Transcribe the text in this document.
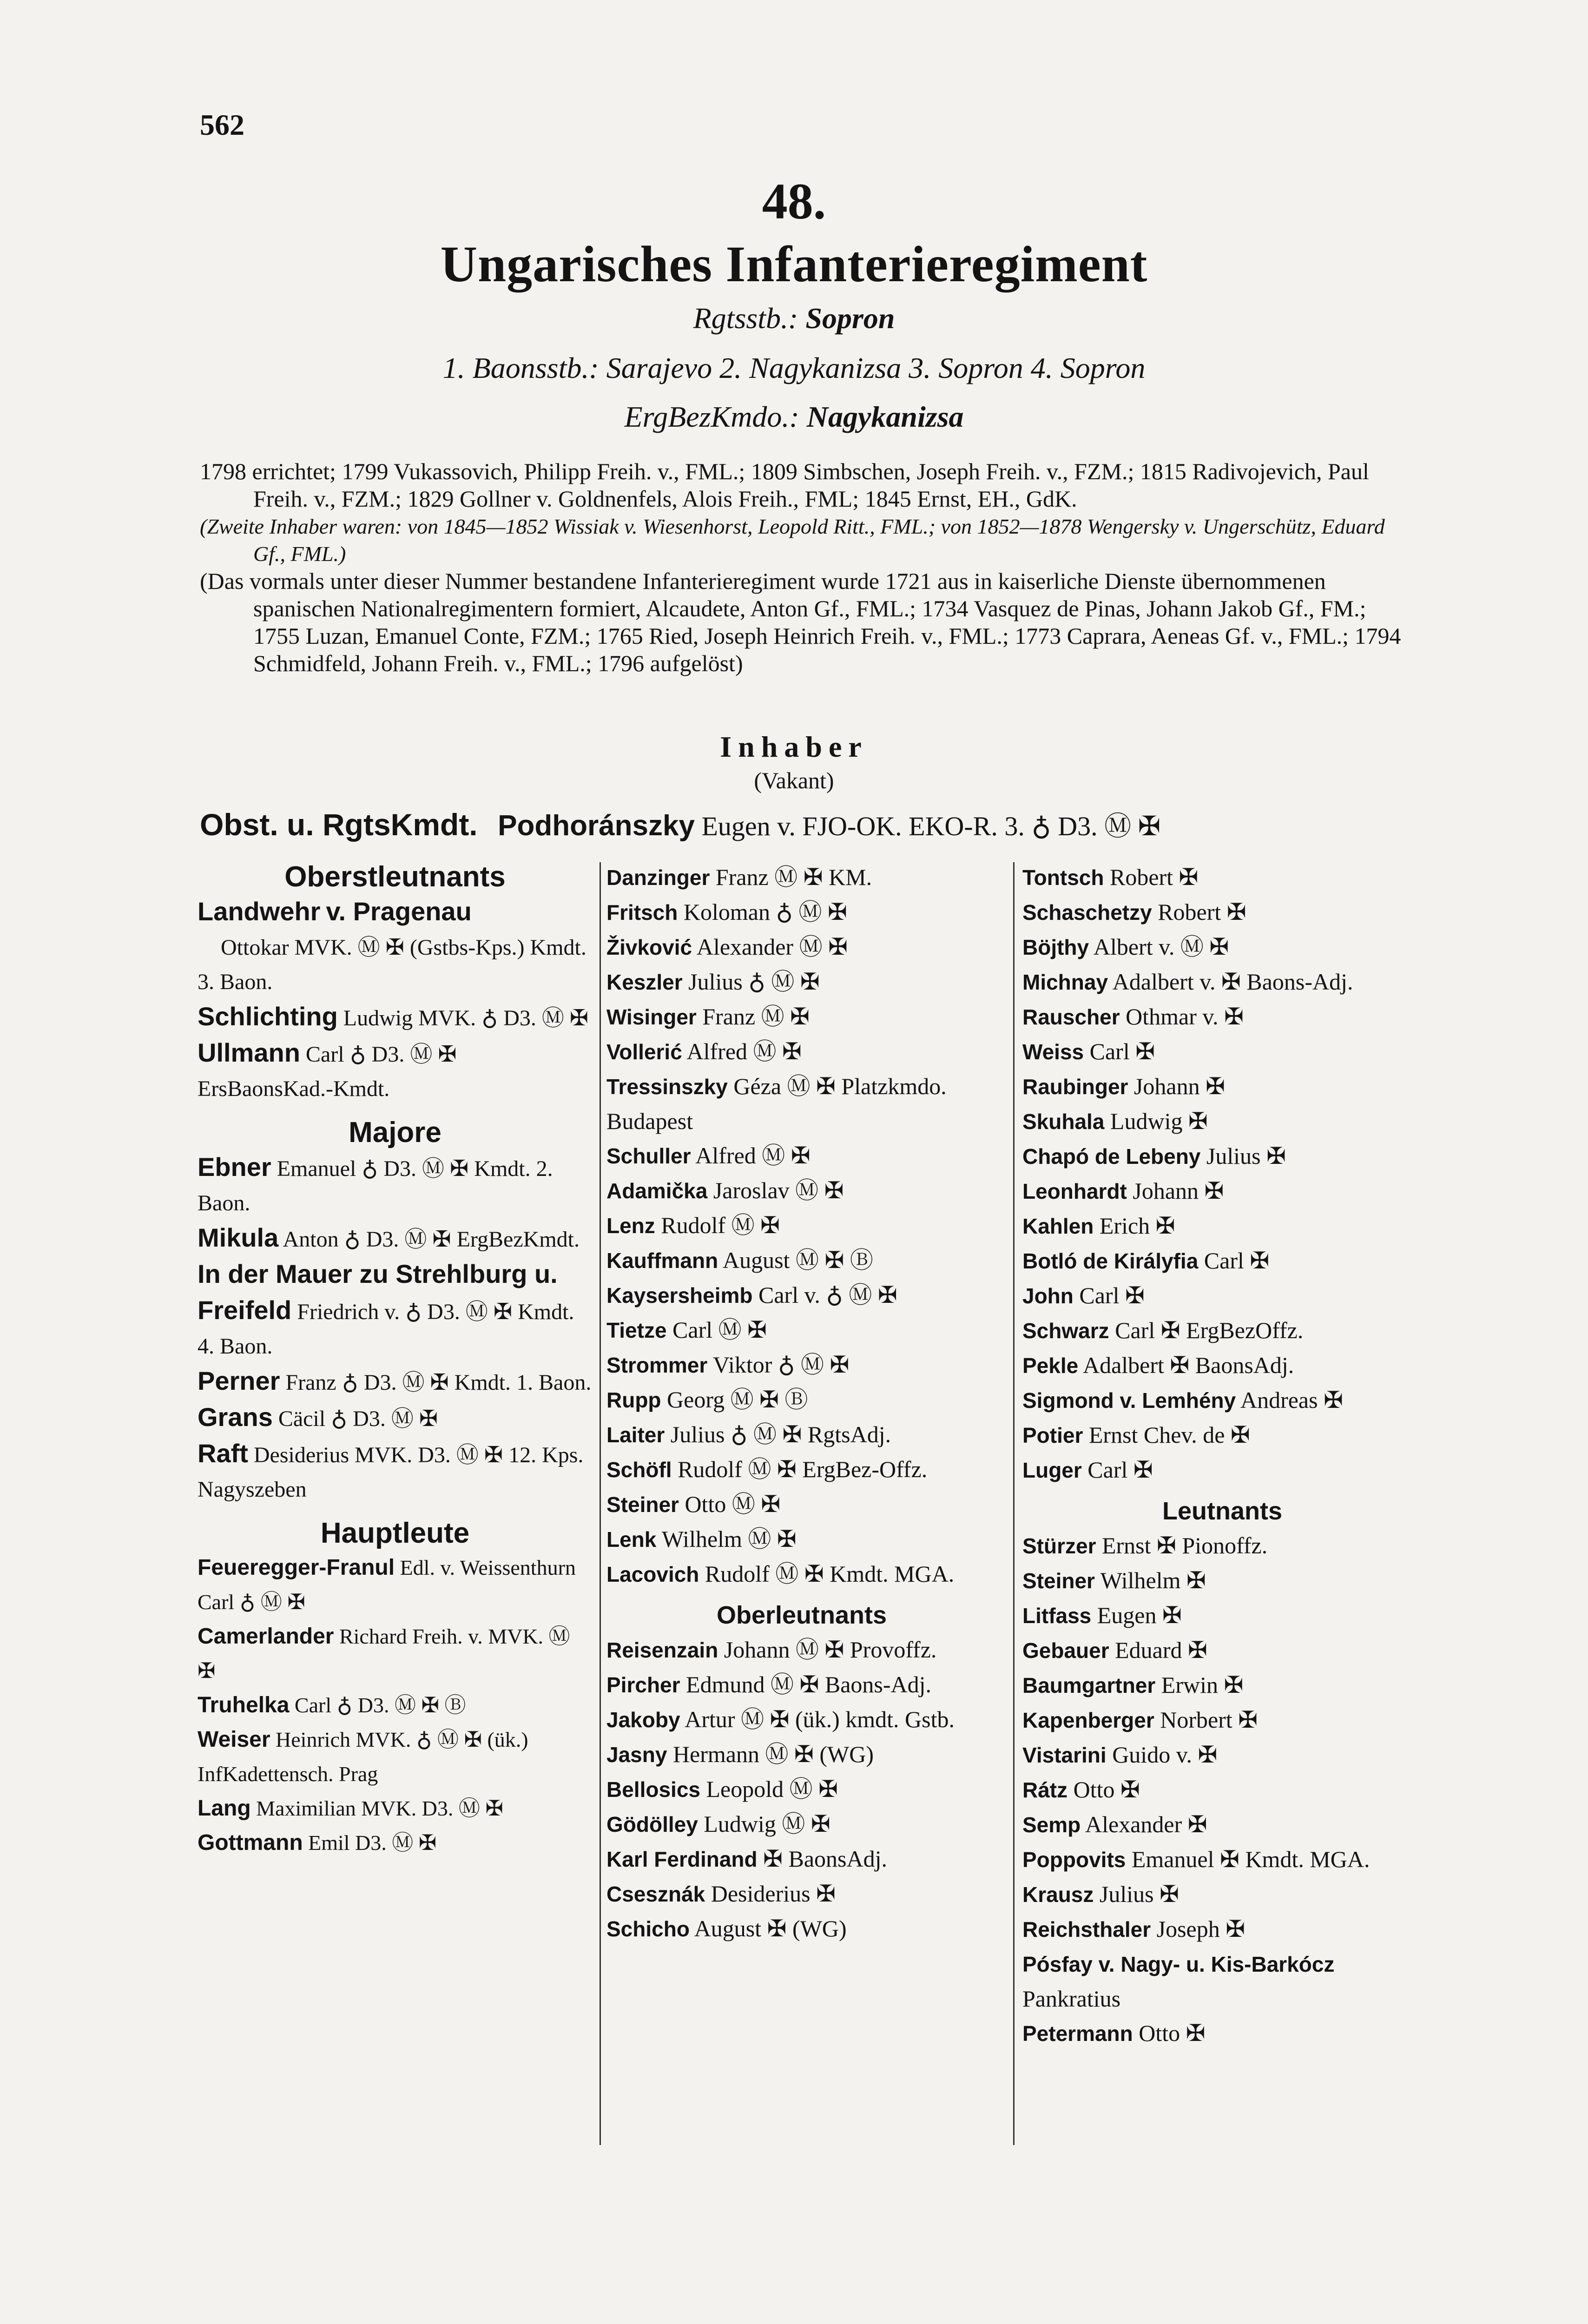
562
48.
Ungarisches Infanterieregiment
Rgtsstb.: Sopron
1. Baonsstb.: Sarajevo 2. Nagykanizsa 3. Sopron 4. Sopron
ErgBezKmdo.: Nagykanizsa

1798 errichtet; 1799 Vukassovich, Philipp Freih. v., FML.; 1809 Simbschen, Joseph Freih. v., FZM.; 1815 Radivojevich, Paul Freih. v., FZM.; 1829 Gollner v. Goldnenfels, Alois Freih., FML; 1845 Ernst, EH., GdK.

(Zweite Inhaber waren: von 1845—1852 Wissiak v. Wiesenhorst, Leopold Ritt., FML.; von 1852—1878 Wengersky v. Ungerschütz, Eduard Gf., FML.)

(Das vormals unter dieser Nummer bestandene Infanterieregiment wurde 1721 aus in kaiserliche Dienste übernommenen spanischen Nationalregimentern formiert, Alcaudete, Anton Gf., FML.; 1734 Vasquez de Pinas, Johann Jakob Gf., FM.; 1755 Luzan, Emanuel Conte, FZM.; 1765 Ried, Joseph Heinrich Freih. v., FML.; 1773 Caprara, Aeneas Gf. v., FML.; 1794 Schmidfeld, Johann Freih. v., FML.; 1796 aufgelöst)

Inhaber
(Vakant)
Obst. u. RgtsKmdt. Podhoránszky Eugen v. FJO-OK. EKO-R. 3. ♁ D3. Ⓜ ✠

Oberstleutnants

Landwehr v. Pragenau
Ottokar MVK. Ⓜ ✠ (Gstbs-Kps.) Kmdt. 3. Baon.

Schlichting Ludwig MVK. ♁ D3. Ⓜ ✠

Ullmann Carl ♁ D3. Ⓜ ✠ ErsBaonsKad.-Kmdt.

Majore

Ebner Emanuel ♁ D3. Ⓜ ✠ Kmdt. 2. Baon.

Mikula Anton ♁ D3. Ⓜ ✠ ErgBezKmdt.

In der Mauer zu Strehlburg u. Freifeld Friedrich v. ♁ D3. Ⓜ ✠ Kmdt. 4. Baon.

Perner Franz ♁ D3. Ⓜ ✠ Kmdt. 1. Baon.

Grans Cäcil ♁ D3. Ⓜ ✠

Raft Desiderius MVK. D3. Ⓜ ✠ 12. Kps. Nagyszeben

Hauptleute

Feueregger-Franul Edl. v. Weissenthurn Carl ♁ Ⓜ ✠

Camerlander Richard Freih. v. MVK. Ⓜ ✠

Truhelka Carl ♁ D3. Ⓜ ✠ Ⓑ

Weiser Heinrich MVK. ♁ Ⓜ ✠ (ük.) InfKadettensch. Prag

Lang Maximilian MVK. D3. Ⓜ ✠

Gottmann Emil D3. Ⓜ ✠

Danzinger Franz Ⓜ ✠ KM.

Fritsch Koloman ♁ Ⓜ ✠

Živković Alexander Ⓜ ✠

Keszler Julius ♁ Ⓜ ✠

Wisinger Franz Ⓜ ✠

Vollerić Alfred Ⓜ ✠

Tressinszky Géza Ⓜ ✠ Platzkmdo. Budapest

Schuller Alfred Ⓜ ✠

Adamička Jaroslav Ⓜ ✠

Lenz Rudolf Ⓜ ✠

Kauffmann August Ⓜ ✠ Ⓑ

Kaysersheimb Carl v. ♁ Ⓜ ✠

Tietze Carl Ⓜ ✠

Strommer Viktor ♁ Ⓜ ✠

Rupp Georg Ⓜ ✠ Ⓑ

Laiter Julius ♁ Ⓜ ✠ RgtsAdj.

Schöfl Rudolf Ⓜ ✠ ErgBez-Offz.

Steiner Otto Ⓜ ✠

Lenk Wilhelm Ⓜ ✠

Lacovich Rudolf Ⓜ ✠ Kmdt. MGA.

Oberleutnants

Reisenzain Johann Ⓜ ✠ Provoffz.

Pircher Edmund Ⓜ ✠ Baons-Adj.

Jakoby Artur Ⓜ ✠ (ük.) kmdt. Gstb.

Jasny Hermann Ⓜ ✠ (WG)

Bellosics Leopold Ⓜ ✠

Gödölley Ludwig Ⓜ ✠

Karl Ferdinand ✠ BaonsAdj.

Csesznák Desiderius ✠

Schicho August ✠ (WG)

Tontsch Robert ✠

Schaschetzy Robert ✠

Böjthy Albert v. Ⓜ ✠

Michnay Adalbert v. ✠ Baons-Adj.

Rauscher Othmar v. ✠

Weiss Carl ✠

Raubinger Johann ✠

Skuhala Ludwig ✠

Chapó de Lebeny Julius ✠

Leonhardt Johann ✠

Kahlen Erich ✠

Botló de Királyfia Carl ✠

John Carl ✠

Schwarz Carl ✠ ErgBezOffz.

Pekle Adalbert ✠ BaonsAdj.

Sigmond v. Lemhény Andreas ✠

Potier Ernst Chev. de ✠

Luger Carl ✠

Leutnants

Stürzer Ernst ✠ Pionoffz.

Steiner Wilhelm ✠

Litfass Eugen ✠

Gebauer Eduard ✠

Baumgartner Erwin ✠

Kapenberger Norbert ✠

Vistarini Guido v. ✠

Rátz Otto ✠

Semp Alexander ✠

Poppovits Emanuel ✠ Kmdt. MGA.

Krausz Julius ✠

Reichsthaler Joseph ✠

Pósfay v. Nagy- u. Kis-Barkócz Pankratius

Petermann Otto ✠
